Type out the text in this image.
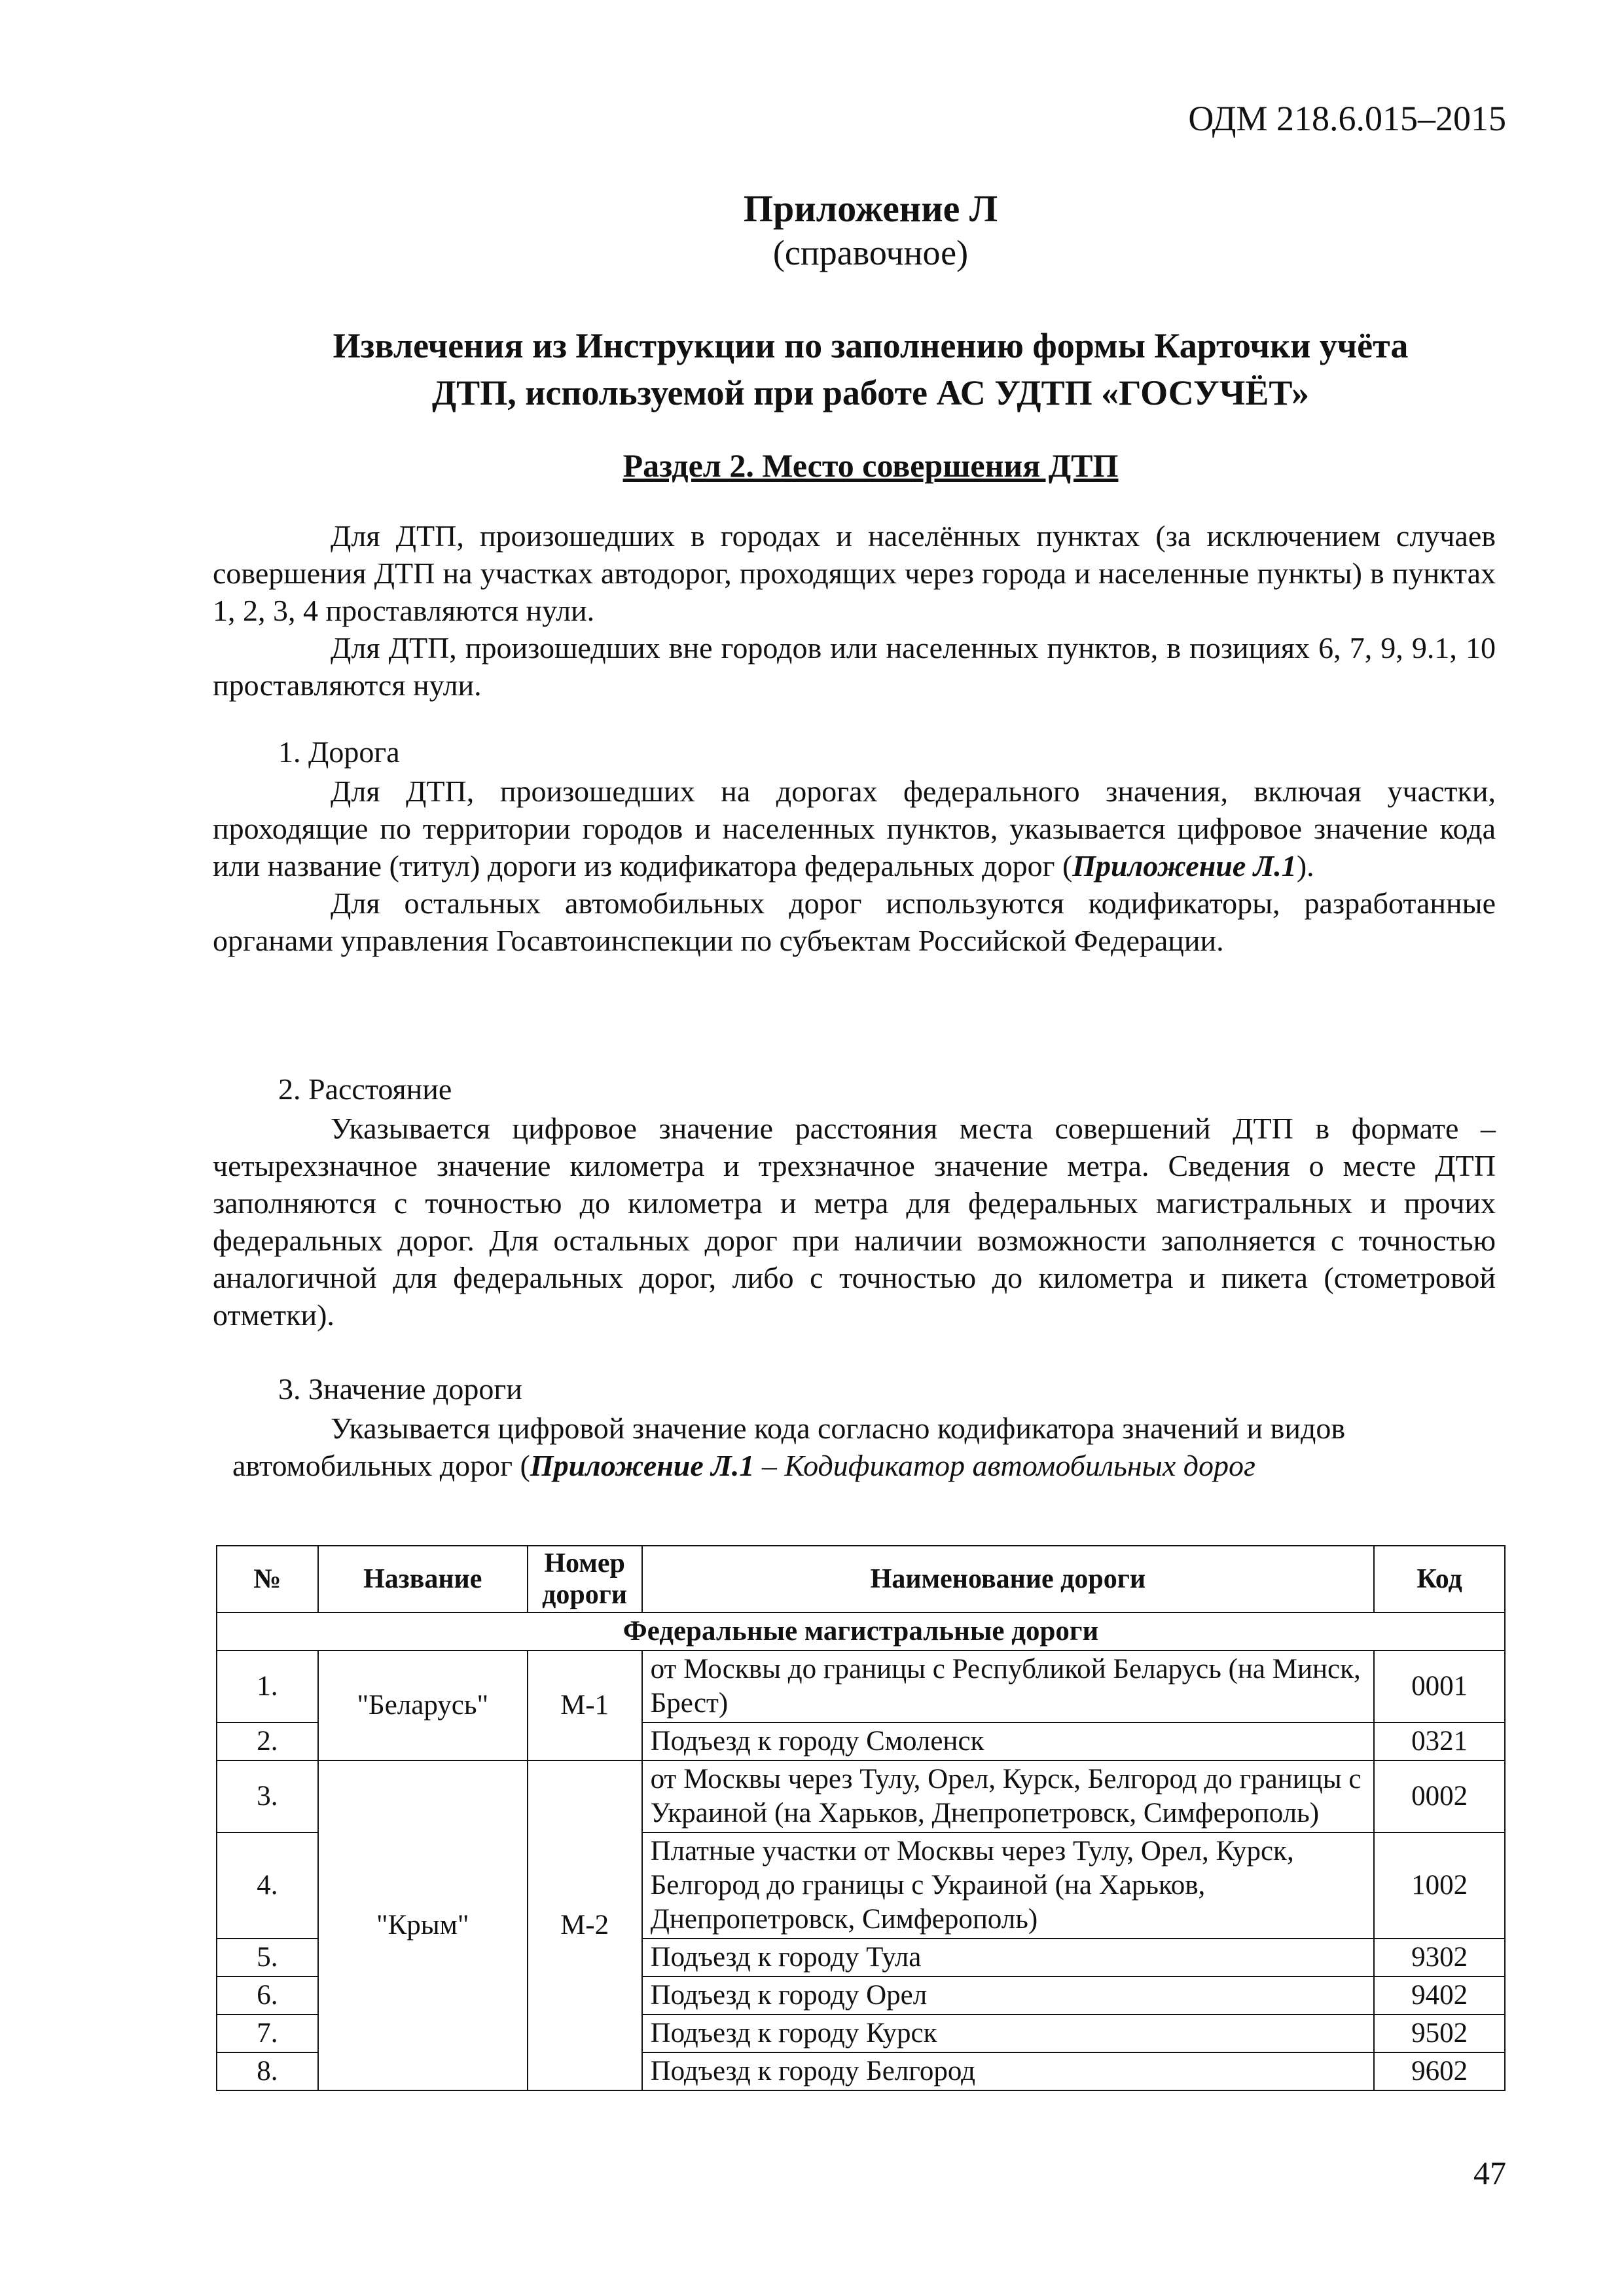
ОДМ 218.6.015–2015
Приложение Л
(справочное)
Извлечения из Инструкции по заполнению формы Карточки учёта
ДТП, используемой при работе АС УДТП «ГОСУЧЁТ»
Раздел 2. Место совершения ДТП

Для ДТП, произошедших в городах и населённых пунктах (за исключением случаев совершения ДТП на участках автодорог, проходящих через города и населенные пункты) в пунктах 1, 2, 3, 4 проставляются нули.

Для ДТП, произошедших вне городов или населенных пунктов, в позициях 6, 7, 9, 9.1, 10 проставляются нули.

1. Дорога

Для ДТП, произошедших на дорогах федерального значения, включая участки, проходящие по территории городов и населенных пунктов, указывается цифровое значение кода или название (титул) дороги из кодификатора федеральных дорог (Приложение Л.1).

Для остальных автомобильных дорог используются кодификаторы, разработанные органами управления Госавтоинспекции по субъектам Российской Федерации.

2. Расстояние

Указывается цифровое значение расстояния места совершений ДТП в формате – четырехзначное значение километра и трехзначное значение метра. Сведения о месте ДТП заполняются с точностью до километра и метра для федеральных магистральных и прочих федеральных дорог. Для остальных дорог при наличии возможности заполняется с точностью аналогичной для федеральных дорог, либо с точностью до километра и пикета (стометровой отметки).

3. Значение дороги

Указывается цифровой значение кода согласно кодификатора значений и видов

автомобильных дорог (Приложение Л.1 – Кодификатор автомобильных дорог

№	Название	Номер дороги	Наименование дороги	Код
Федеральные магистральные дороги				
1.	"Беларусь"	М-1	от Москвы до границы с Республикой Беларусь (на Минск, Брест)	0001
2.			Подъезд к городу Смоленск	0321
3.	"Крым"	М-2	от Москвы через Тулу, Орел, Курск, Белгород до границы с Украиной (на Харьков, Днепропетровск, Симферополь)	0002
4.			Платные участки от Москвы через Тулу, Орел, Курск, Белгород до границы с Украиной (на Харьков, Днепропетровск, Симферополь)	1002
5.			Подъезд к городу Тула	9302
6.			Подъезд к городу Орел	9402
7.			Подъезд к городу Курск	9502
8.			Подъезд к городу Белгород	9602
47
